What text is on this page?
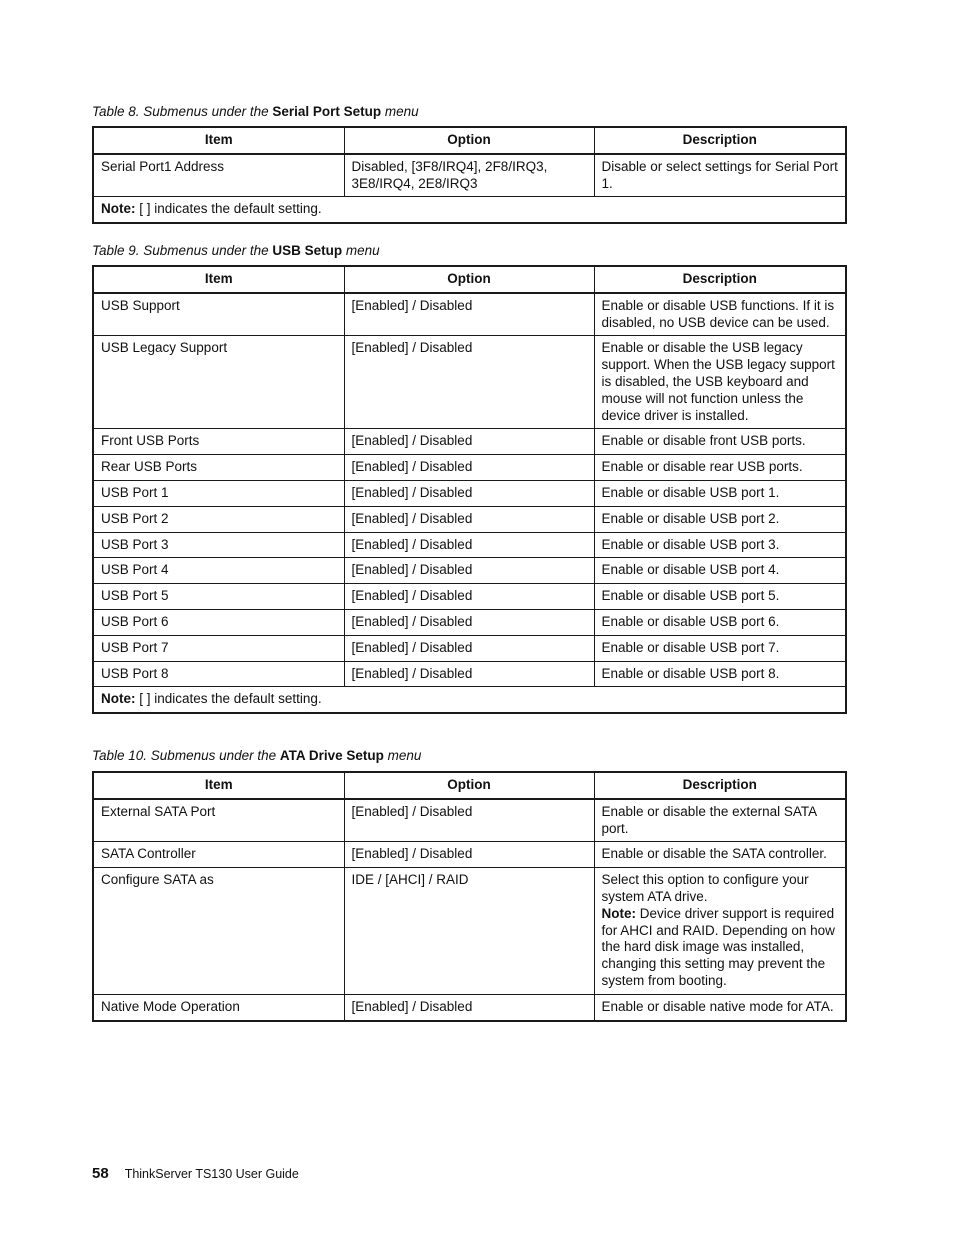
Table 8. Submenus under the Serial Port Setup menu
Item	Option	Description
Serial Port1 Address	Disabled, [3F8/IRQ4], 2F8/IRQ3, 3E8/IRQ4, 2E8/IRQ3	Disable or select settings for Serial Port 1.
Note: [ ] indicates the default setting.		
Table 9. Submenus under the USB Setup menu
Item	Option	Description
USB Support	[Enabled] / Disabled	Enable or disable USB functions. If it is disabled, no USB device can be used.
USB Legacy Support	[Enabled] / Disabled	Enable or disable the USB legacy support. When the USB legacy support is disabled, the USB keyboard and mouse will not function unless the device driver is installed.
Front USB Ports	[Enabled] / Disabled	Enable or disable front USB ports.
Rear USB Ports	[Enabled] / Disabled	Enable or disable rear USB ports.
USB Port 1	[Enabled] / Disabled	Enable or disable USB port 1.
USB Port 2	[Enabled] / Disabled	Enable or disable USB port 2.
USB Port 3	[Enabled] / Disabled	Enable or disable USB port 3.
USB Port 4	[Enabled] / Disabled	Enable or disable USB port 4.
USB Port 5	[Enabled] / Disabled	Enable or disable USB port 5.
USB Port 6	[Enabled] / Disabled	Enable or disable USB port 6.
USB Port 7	[Enabled] / Disabled	Enable or disable USB port 7.
USB Port 8	[Enabled] / Disabled	Enable or disable USB port 8.
Note: [ ] indicates the default setting.		
Table 10. Submenus under the ATA Drive Setup menu
Item	Option	Description
External SATA Port	[Enabled] / Disabled	Enable or disable the external SATA port.
SATA Controller	[Enabled] / Disabled	Enable or disable the SATA controller.
Configure SATA as	IDE / [AHCI] / RAID	Select this option to configure your system ATA drive.
Note: Device driver support is required for AHCI and RAID. Depending on how the hard disk image was installed, changing this setting may prevent the system from booting.
Native Mode Operation	[Enabled] / Disabled	Enable or disable native mode for ATA.
58 ThinkServer TS130 User Guide
